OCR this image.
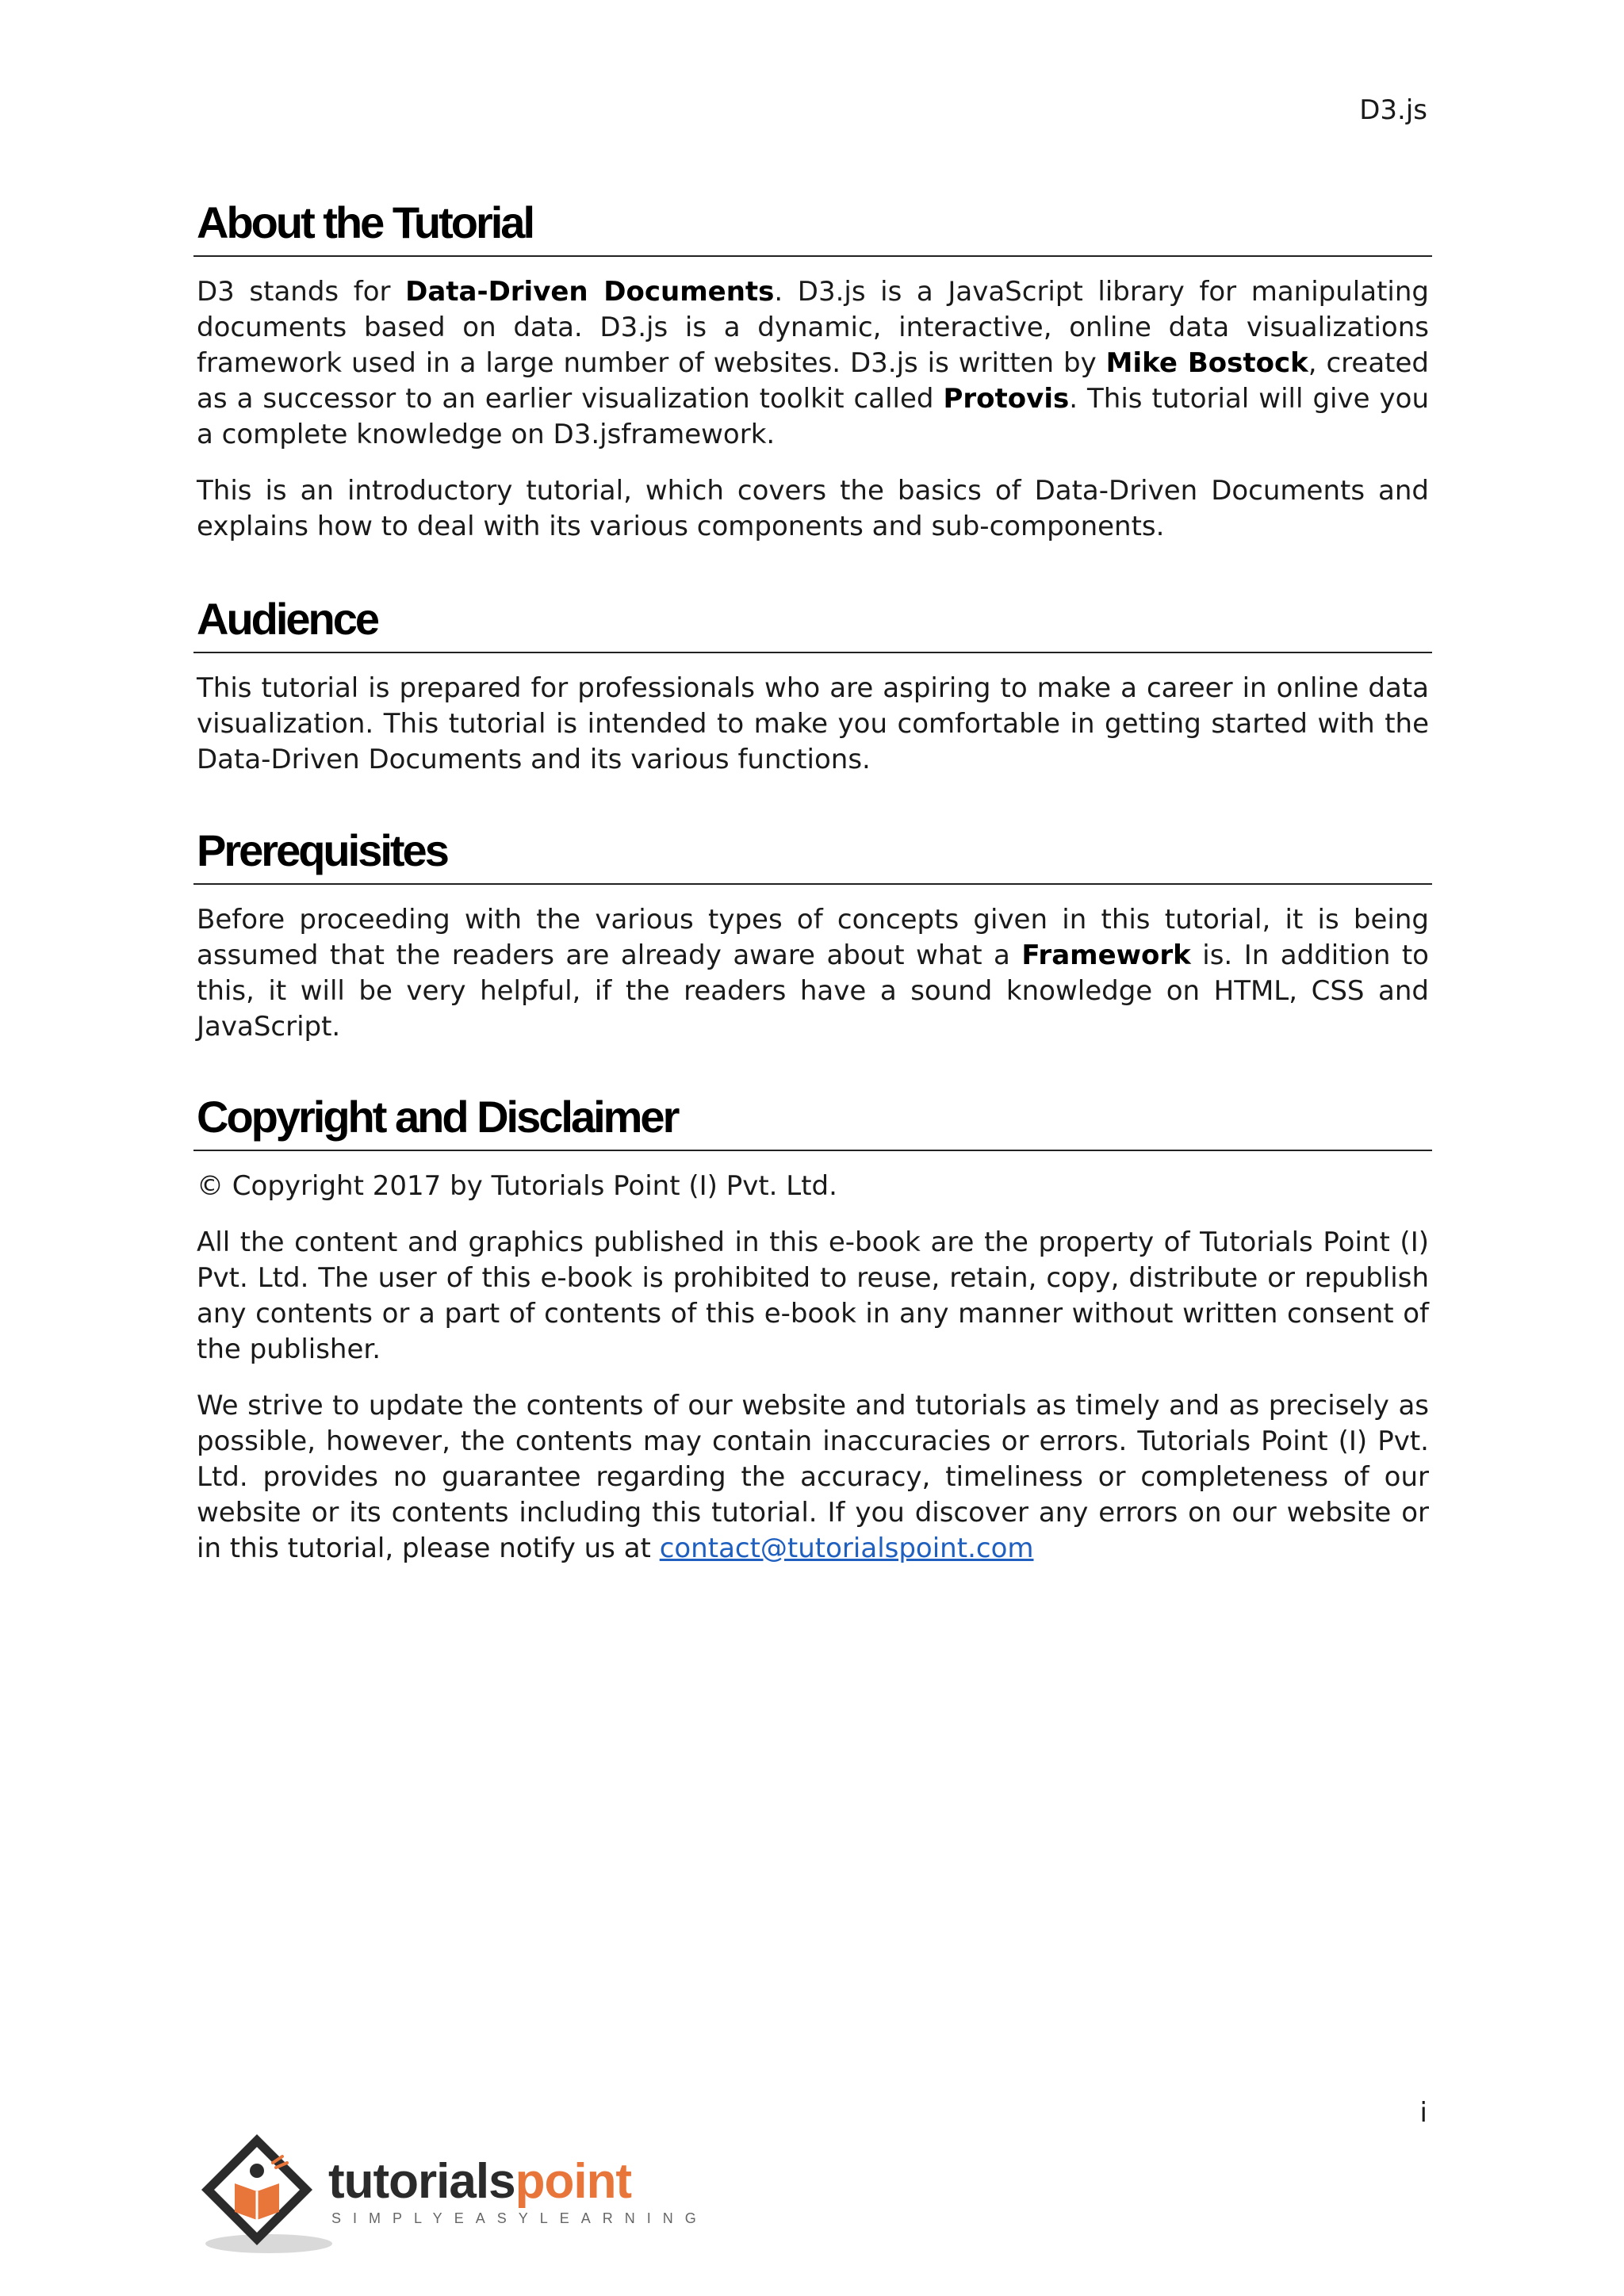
D3.js
About the Tutorial

D3 stands for Data-Driven Documents. D3.js is a JavaScript library for manipulating documents based on data. D3.js is a dynamic, interactive, online data visualizations framework used in a large number of websites. D3.js is written by Mike Bostock, created as a successor to an earlier visualization toolkit called Protovis. This tutorial will give you a complete knowledge on D3.jsframework.

This is an introductory tutorial, which covers the basics of Data-Driven Documents and explains how to deal with its various components and sub-components.

Audience

This tutorial is prepared for professionals who are aspiring to make a career in online data visualization. This tutorial is intended to make you comfortable in getting started with the Data-Driven Documents and its various functions.

Prerequisites

Before proceeding with the various types of concepts given in this tutorial, it is being assumed that the readers are already aware about what a Framework is. In addition to this, it will be very helpful, if the readers have a sound knowledge on HTML, CSS and JavaScript.

Copyright and Disclaimer

© Copyright 2017 by Tutorials Point (I) Pvt. Ltd.

All the content and graphics published in this e-book are the property of Tutorials Point (I) Pvt. Ltd. The user of this e-book is prohibited to reuse, retain, copy, distribute or republish any contents or a part of contents of this e-book in any manner without written consent of the publisher.

We strive to update the contents of our website and tutorials as timely and as precisely as possible, however, the contents may contain inaccuracies or errors. Tutorials Point (I) Pvt. Ltd. provides no guarantee regarding the accuracy, timeliness or completeness of our website or its contents including this tutorial. If you discover any errors on our website or in this tutorial, please notify us at contact@tutorialspoint.com

i
tutorialspoint
SIMPLYEASYLEARNING
